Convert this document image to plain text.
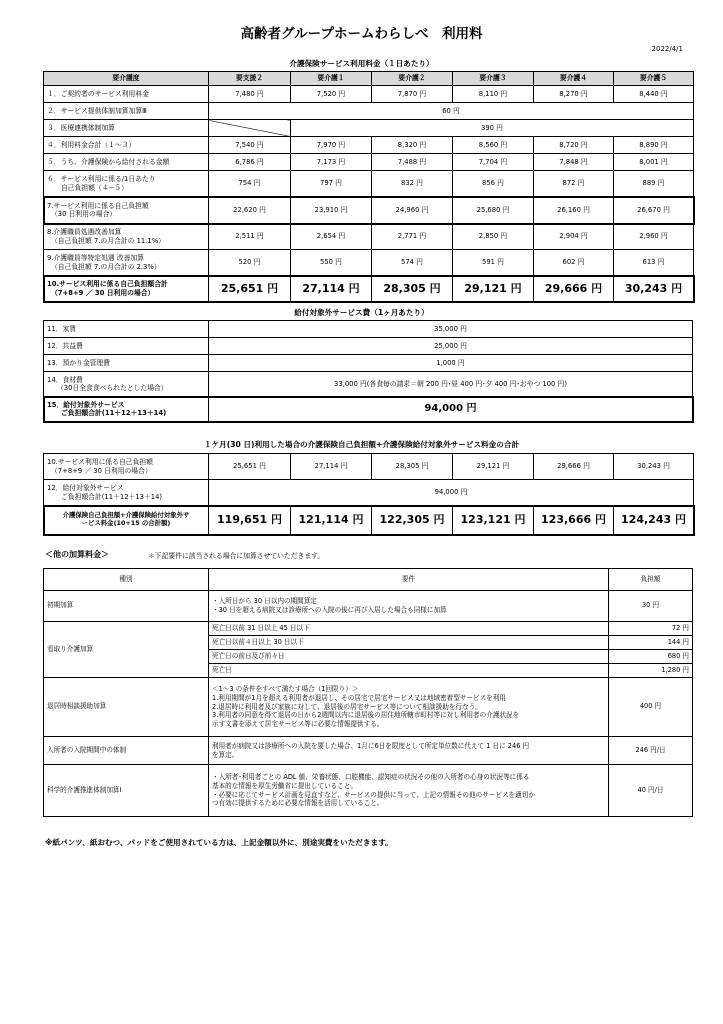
高齢者グループホームわらしべ　利用料
2022/4/1
介護保険サービス利用料金（１日あたり）
要介護度	要支援２	要介護１	要介護２	要介護３	要介護４	要介護５
１．ご契約者のサービス利用料金	7,480 円	7,520 円	7,870 円	8,110 円	8,270 円	8,440 円
２．サービス提供体制加算加算Ⅲ	60 円					
３．医療連携体制加算		390 円				
４．利用料金合計（１～３）	7,540 円	7,970 円	8,320 円	8,560 円	8,720 円	8,890 円
５．うち、介護保険から給付される金額	6,786 円	7,173 円	7,488 円	7,704 円	7,848 円	8,001 円

６．サービス利用に係る/1日あたり
自己負担額（４−５）	754 円	797 円	832 円	856 円	872 円	889 円

7.サービス利用に係る自己負担額
（30 日利用の場合）	22,620 円	23,910 円	24,960 円	25,680 円	26,160 円	26,670 円

8.介護職員処遇改善加算
（自己負担額 7.の月合計の 11.1%）	2,511 円	2,654 円	2,771 円	2,850 円	2,904 円	2,960 円

9.介護職員等特定処遇 改善加算
（自己負担額 7.の月合計の 2.3%）	520 円	550 円	574 円	591 円	602 円	613 円

10.サービス利用に係る自己負担額合計
（7+8+9 ／ 30 日利用の場合）	25,651 円	27,114 円	28,305 円	29,121 円	29,666 円	30,243 円
給付対象外サービス費（1ヶ月あたり）
11．家賃	35,000 円
12．共益費	25,000 円
13．預かり金管理費	1,000 円

14．食材費
（30日全食食べられたとした場合）	33,000 円(各食毎の請求＝朝 200 円･昼 400 円･夕 400 円･おやつ 100 円)

15．給付対象外サービス
ご負担額合計(11＋12＋13＋14)	94,000 円
１ケ月(30 日)利用した場合の介護保険自己負担額+介護保険給付対象外サービス料金の合計
10.サービス利用に係る自己負担額
（7+8+9 ／ 30 日利用の場合）	25,651 円	27,114 円	28,305 円	29,121 円	29,666 円	30,243 円

12．給付対象外サービス
ご負担額合計(11＋12＋13＋14)	94,000 円					

介護保険自己負担額+介護保険給付対象外サ
ービス料金(10+15 の合計額)	119,651 円	121,114 円	122,305 円	123,121 円	123,666 円	124,243 円
＜他の加算料金＞	＊下記要件に該当される場合に加算させていただきます。
種別	要件	負担額
初期加算	・入所日から 30 日以内の期間算定
・30 日を超える病院又は診療所への入院の後に再び入居した場合も同様に加算	30 円
看取り介護加算	死亡日以前 31 日以上 45 日以下	72 円
	死亡日以前４日以上 30 日以下	144 円
	死亡日の前日及び前々日	680 円
	死亡日	1,280 円
退居時相談援助加算	＜1〜3 の条件をすべて満たす場合（1回限り）＞
1.利用期間が1月を超える利用者が退居し、その居宅で居宅サービス又は地域密着型サービスを利用
2.退居時に利用者及び家族に対して、退居後の居宅サービス等について相談援助を行なう。
3.利用者の同意を得て退居の日から2週間以内に退居後の居住地所轄市町村等に対し利用者の介護状況を
示す文書を添えて居宅サービス等に必要な情報提供する。	400 円
入所者の入院期間中の体制	利用者が病院又は診療所への入院を要した場合、1月に6日を限度として所定単位数に代えて 1 日に 246 円
を算定。	246 円/日
科学的介護推進体制加算Ⅰ	・入所者･利用者ごとの ADL 値、栄養状態、口腔機能、認知症の状況その他の入所者の心身の状況等に係る
基本的な情報を厚生労働省に提出していること。
・必要に応じてサービス計画を見直すなど、サービスの提供に当って、上記の情報その他のサービスを適切か
つ有効に提供するために必要な情報を活用していること。	40 円/日
※紙パンツ、紙おむつ、パッドをご使用されている方は、上記金額以外に、別途実費をいただきます。
